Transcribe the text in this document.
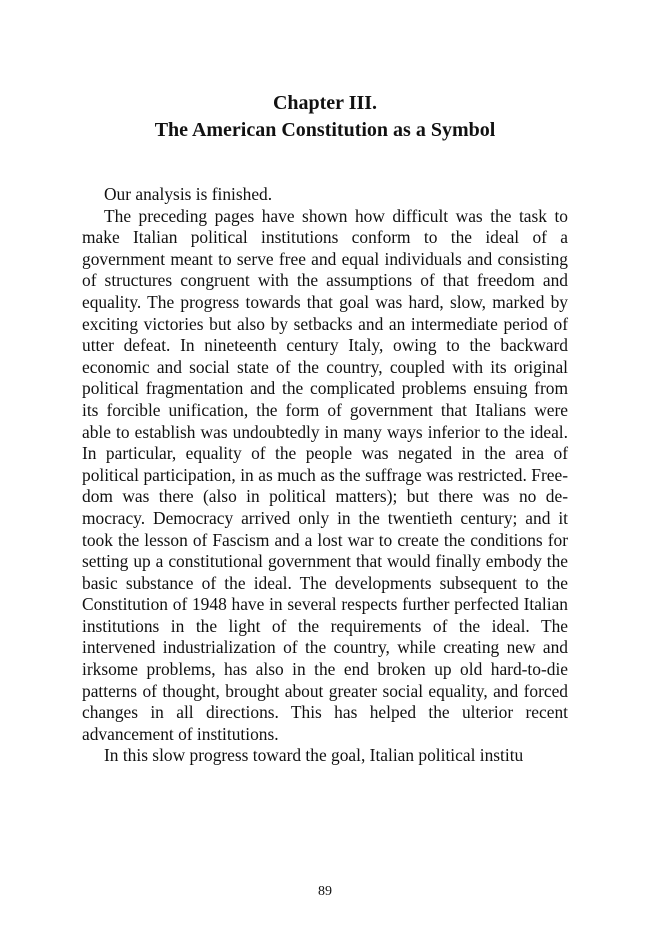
Chapter III.
The American Constitution as a Symbol

Our analysis is finished.

The preceding pages have shown how difficult was the task to make Italian political institutions conform to the ideal of a government meant to serve free and equal individuals and consisting of structures congruent with the assumptions of that freedom and equality. The progress towards that goal was hard, slow, marked by exciting victories but also by setbacks and an intermediate period of utter defeat. In nineteenth century Italy, owing to the backward economic and social state of the country, coupled with its original political fragmentation and the complicated problems ensuing from its forcible unification, the form of government that Italians were able to establish was undoubtedly in many ways inferior to the ideal. In particular, equality of the people was negated in the area of political participation, in as much as the suffrage was restricted. Freedom was there (also in political matters); but there was no democracy. Democracy arrived only in the twentieth century; and it took the lesson of Fascism and a lost war to create the conditions for setting up a constitutional government that would finally embody the basic substance of the ideal. The developments subsequent to the Constitution of 1948 have in several respects further perfected Italian institutions in the light of the requirements of the ideal. The intervened industrialization of the country, while creating new and irksome problems, has also in the end broken up old hard-to-die patterns of thought, brought about greater social equality, and forced changes in all directions. This has helped the ulterior recent advancement of institutions.

In this slow progress toward the goal, Italian political institu

89
